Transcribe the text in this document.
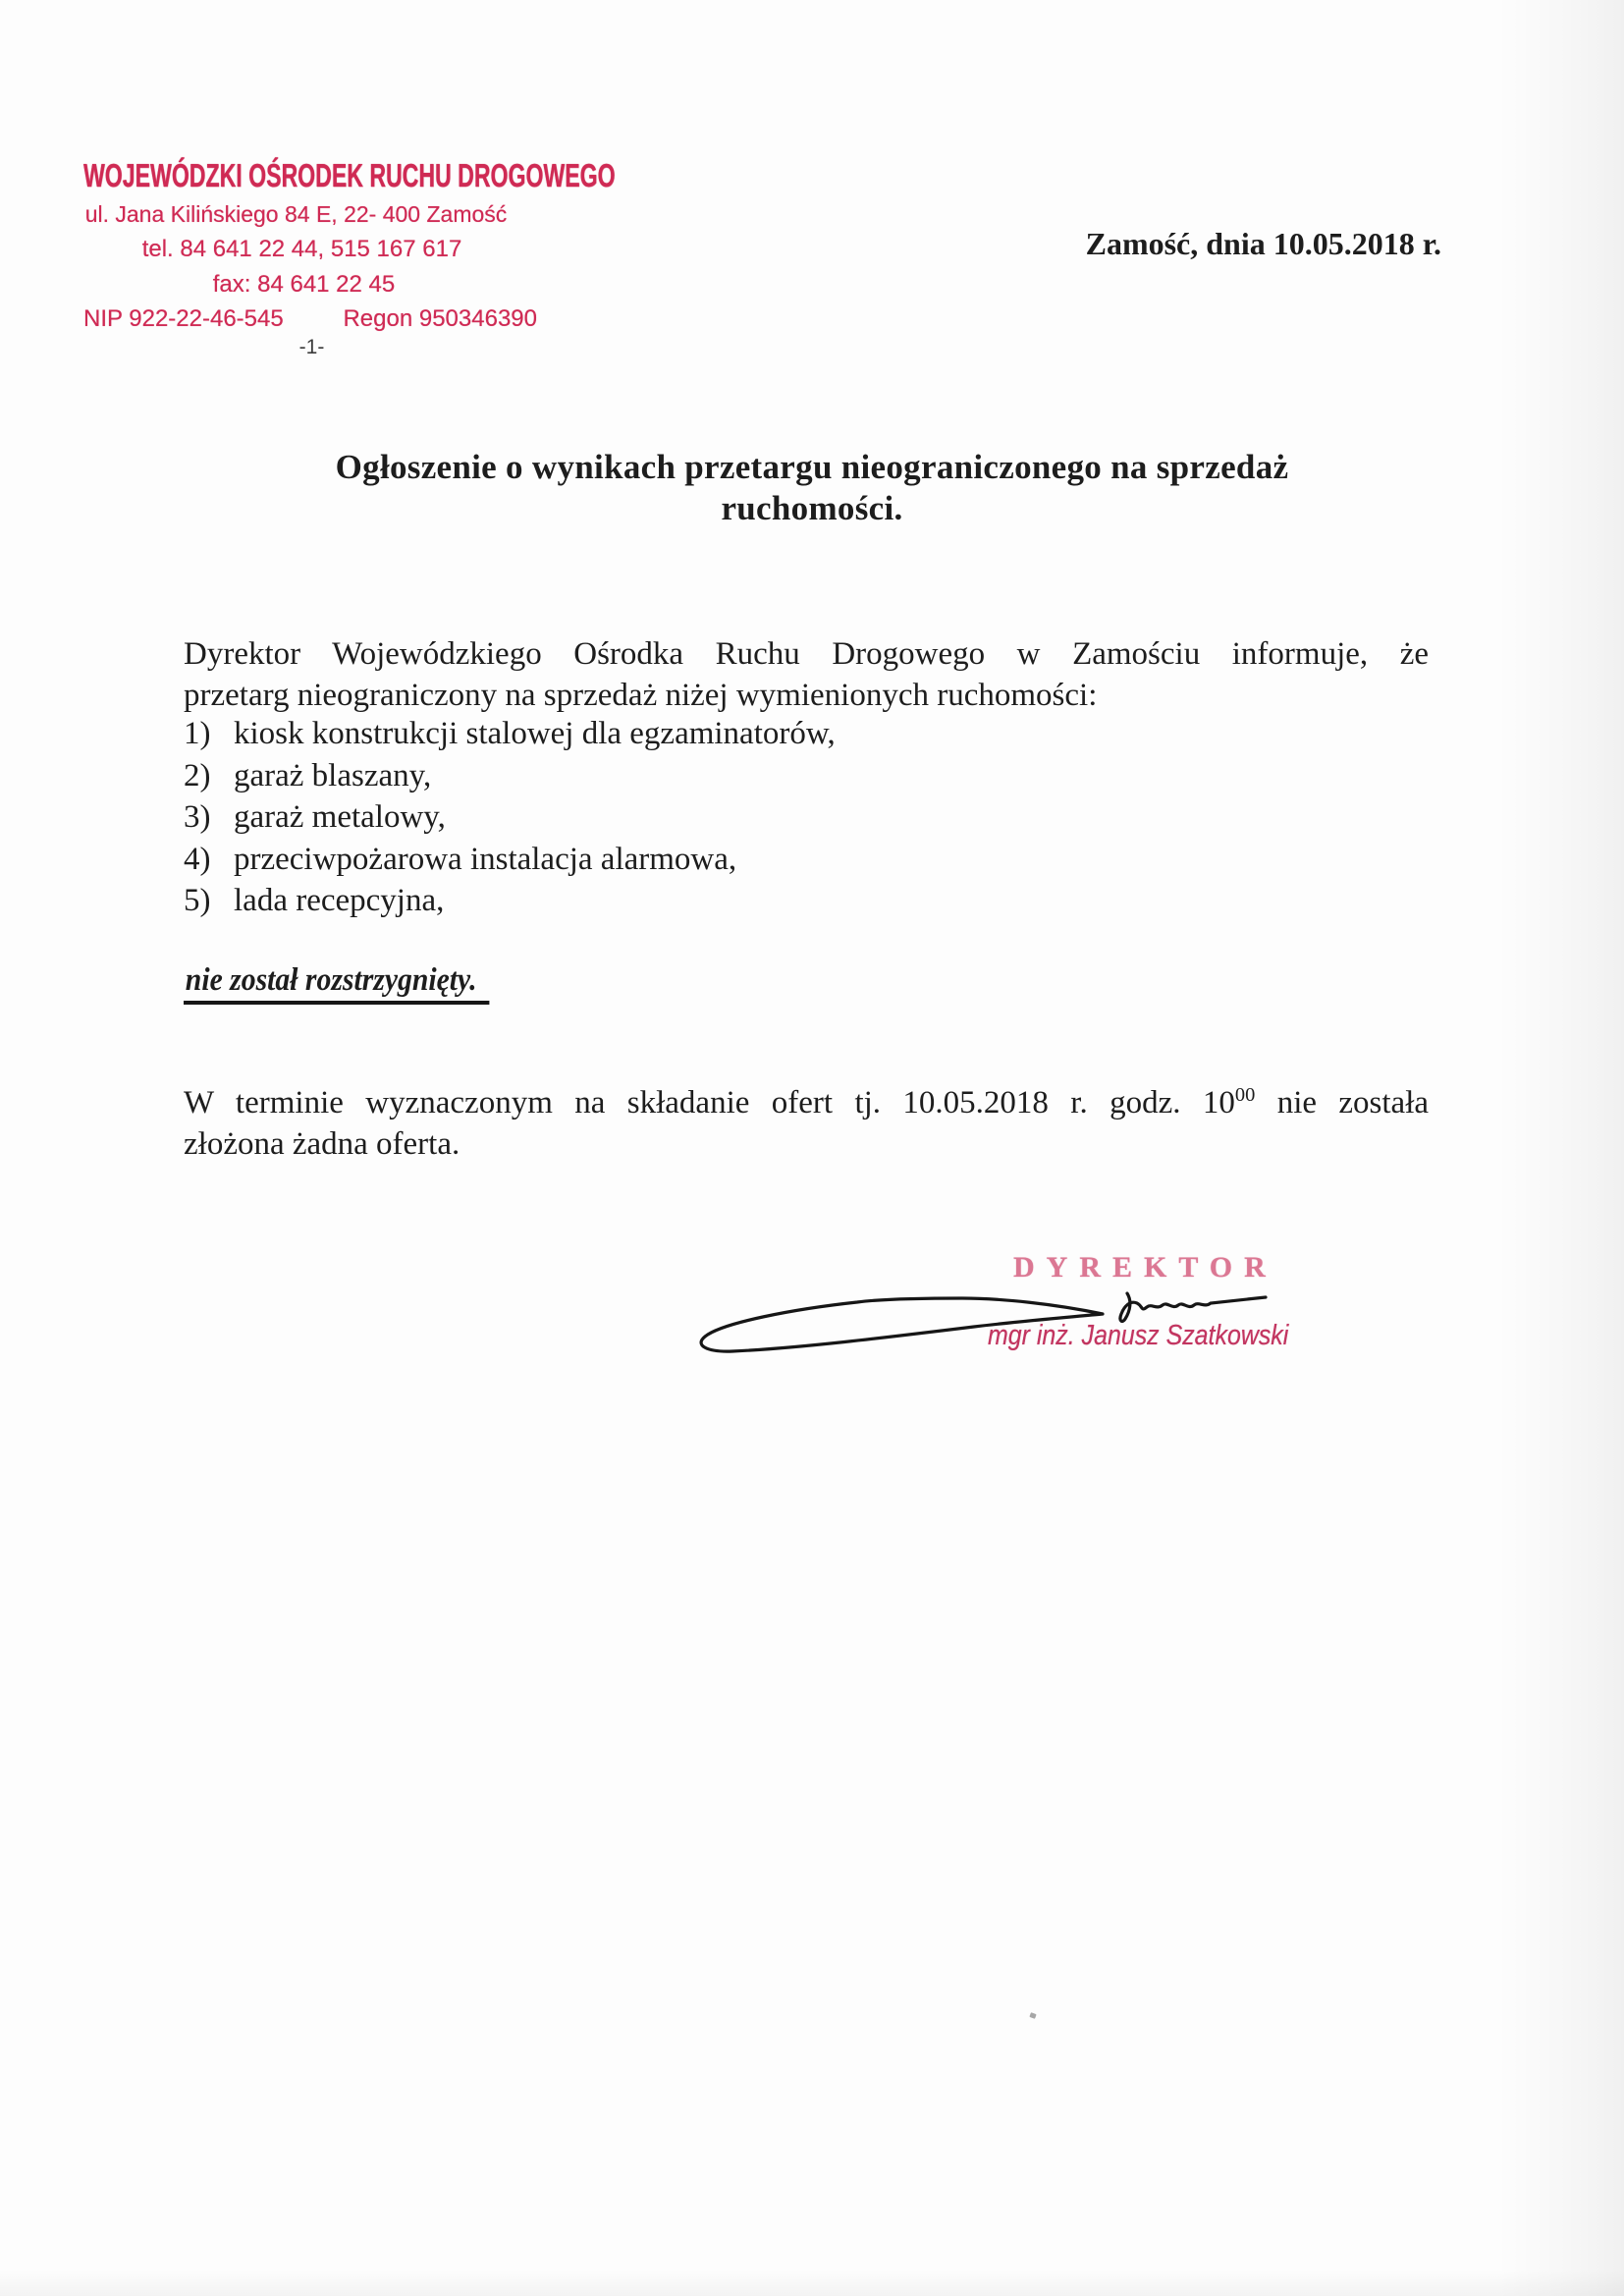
WOJEWÓDZKI OŚRODEK RUCHU DROGOWEGO
ul. Jana Kilińskiego 84 E, 22- 400 Zamość
tel. 84 641 22 44, 515 167 617
fax: 84 641 22 45
NIP 922-22-46-545	Regon 950346390
-1-
Zamość, dnia 10.05.2018 r.
Ogłoszenie o wynikach przetargu nieograniczonego na sprzedaż
ruchomości.
Dyrektor Wojewódzkiego Ośrodka Ruchu Drogowego w Zamościu informuje, że
przetarg nieograniczony na sprzedaż niżej wymienionych ruchomości:
1) kiosk konstrukcji stalowej dla egzaminatorów,
2) garaż blaszany,
3) garaż metalowy,
4) przeciwpożarowa instalacja alarmowa,
5) lada recepcyjna,
nie został rozstrzygnięty.
W terminie wyznaczonym na składanie ofert tj. 10.05.2018 r. godz. $10^{00}$ nie została
złożona żadna oferta.
DYREKTOR
mgr inż. Janusz Szatkowski
